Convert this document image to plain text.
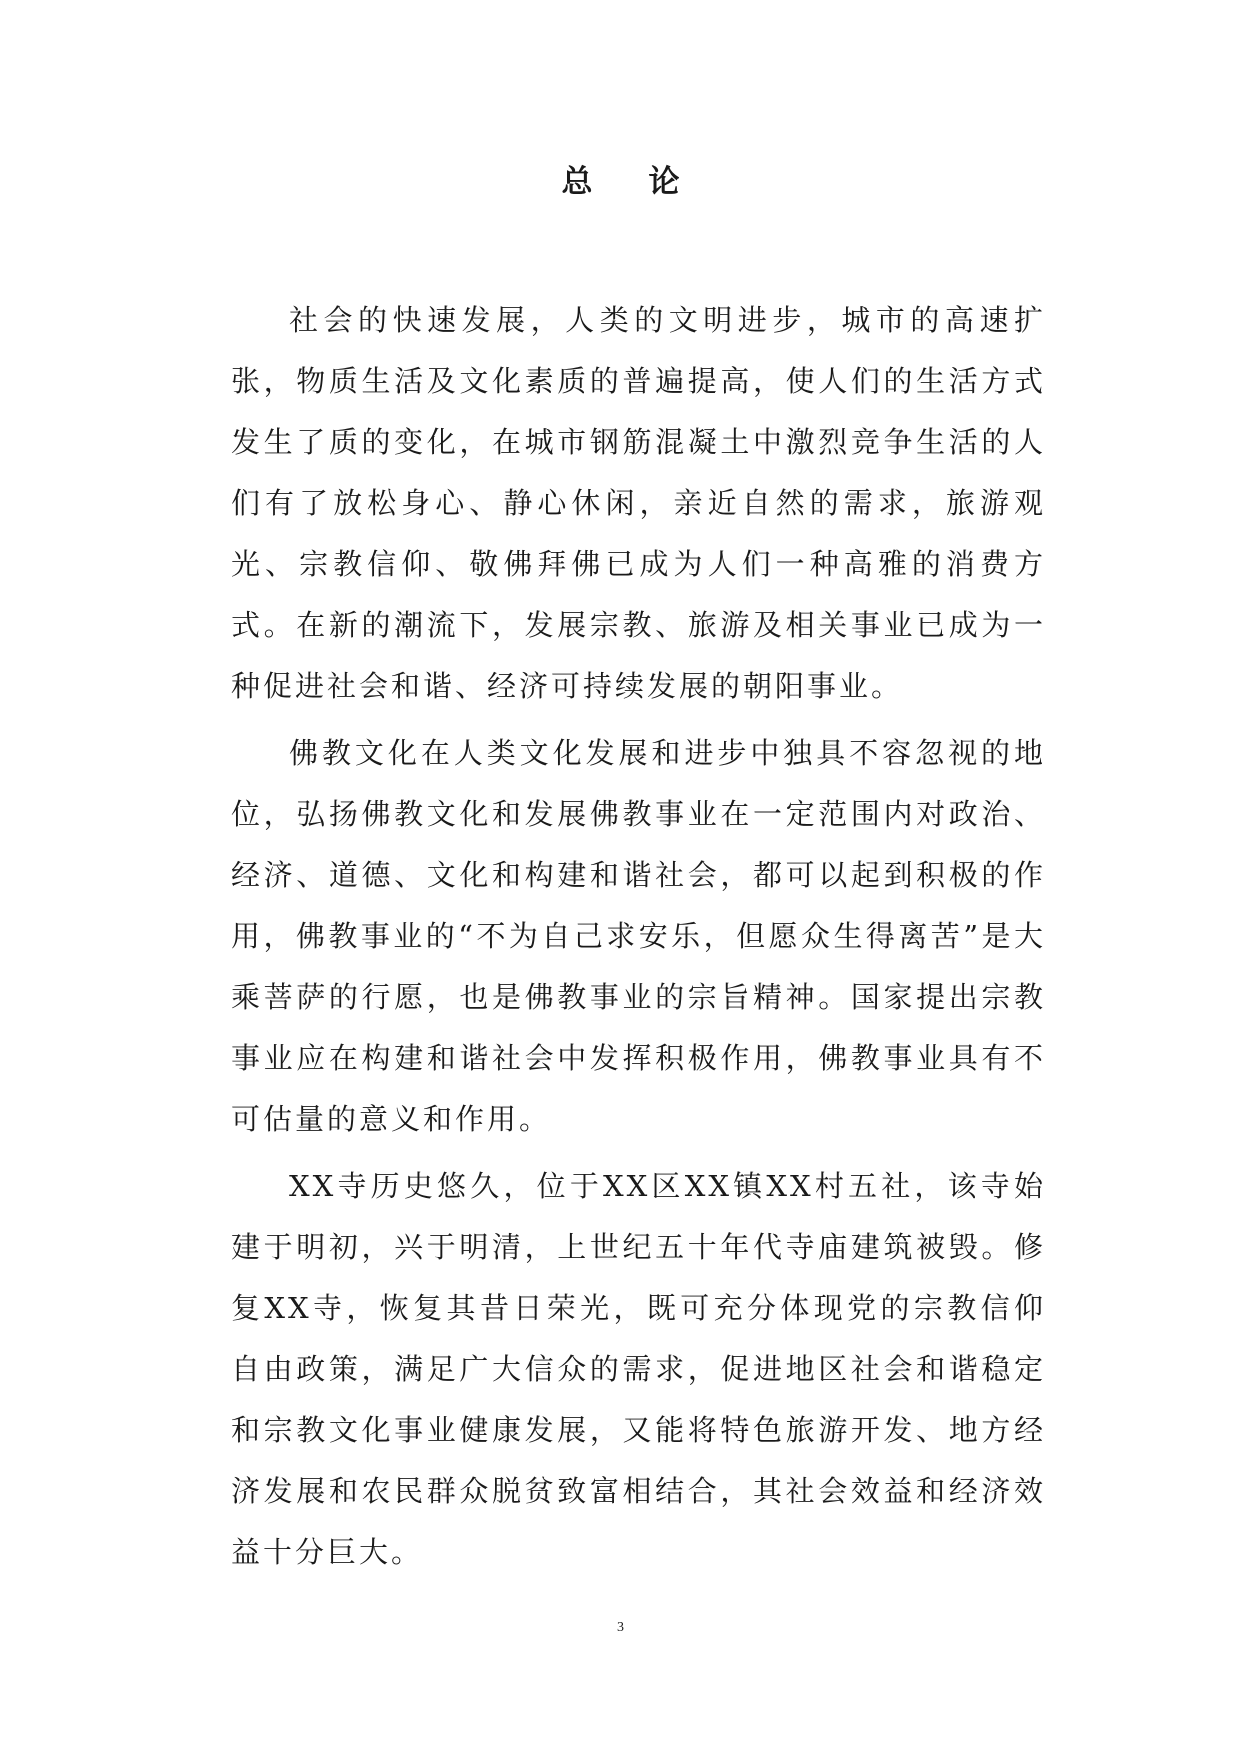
总论

社会的快速发展，人类的文明进步，城市的高速扩张，物质生活及文化素质的普遍提高，使人们的生活方式发生了质的变化，在城市钢筋混凝土中激烈竞争生活的人们有了放松身心、静心休闲，亲近自然的需求，旅游观光、宗教信仰、敬佛拜佛已成为人们一种高雅的消费方式。在新的潮流下，发展宗教、旅游及相关事业已成为一种促进社会和谐、经济可持续发展的朝阳事业。

佛教文化在人类文化发展和进步中独具不容忽视的地位，弘扬佛教文化和发展佛教事业在一定范围内对政治、经济、道德、文化和构建和谐社会，都可以起到积极的作用，佛教事业的“不为自己求安乐，但愿众生得离苦”是大乘菩萨的行愿，也是佛教事业的宗旨精神。国家提出宗教事业应在构建和谐社会中发挥积极作用，佛教事业具有不可估量的意义和作用。

XX寺历史悠久，位于XX区XX镇XX村五社，该寺始建于明初，兴于明清，上世纪五十年代寺庙建筑被毁。修复XX寺，恢复其昔日荣光，既可充分体现党的宗教信仰自由政策，满足广大信众的需求，促进地区社会和谐稳定和宗教文化事业健康发展，又能将特色旅游开发、地方经济发展和农民群众脱贫致富相结合，其社会效益和经济效益十分巨大。

3
